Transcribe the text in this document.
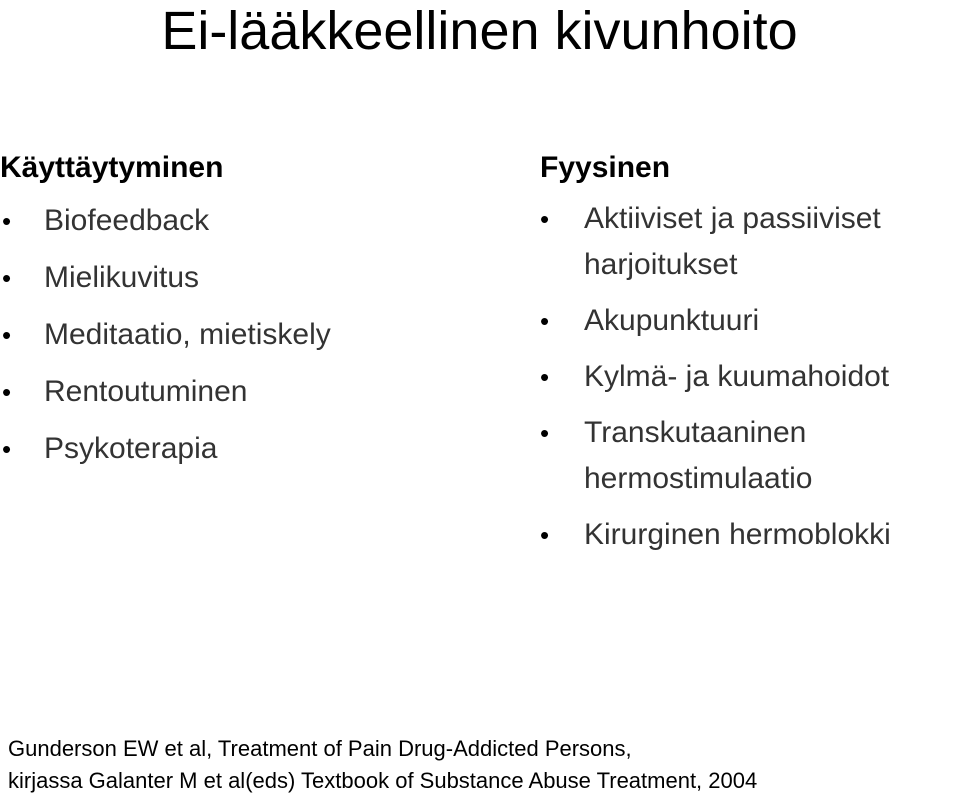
Ei-lääkkeellinen kivunhoito
Käyttäytyminen
• Biofeedback
• Mielikuvitus
• Meditaatio, mietiskely
• Rentoutuminen
• Psykoterapia
Fyysinen
• Aktiiviset ja passiiviset harjoitukset
• Akupunktuuri
• Kylmä- ja kuumahoidot
• Transkutaaninen hermostimulaatio
• Kirurginen hermoblokki
Gunderson EW et al, Treatment of Pain Drug-Addicted Persons,
kirjassa Galanter M et al(eds) Textbook of Substance Abuse Treatment, 2004
